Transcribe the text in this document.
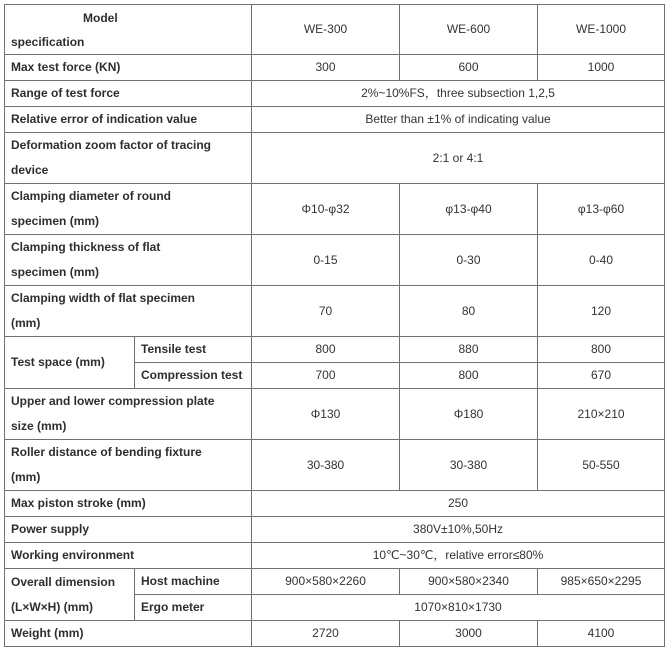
Model
specification		WE-300	WE-600	WE-1000
Max test force (KN)		300	600	1000
Range of test force		2%~10%FS，three subsection 1,2,5		
Relative error of indication value		Better than ±1% of indicating value		

Deformation zoom factor of tracing
device		2:1 or 4:1		

Clamping diameter of round
specimen (mm)		Φ10-φ32	φ13-φ40	φ13-φ60

Clamping thickness of flat
specimen (mm)		0-15	0-30	0-40

Clamping width of flat specimen
(mm)		70	80	120
Test space (mm)	Tensile test	800	880	800
	Compression test	700	800	670

Upper and lower compression plate
size (mm)		Φ130	Φ180	210×210

Roller distance of bending fixture
(mm)		30-380	30-380	50-550
Max piston stroke (mm)		250		
Power supply		380V±10%,50Hz		
Working environment		10℃~30℃，relative error≤80%		

Overall dimension
(L×W×H) (mm)	Host machine	900×580×2260	900×580×2340	985×650×2295
	Ergo meter	1070×810×1730		
Weight (mm)		2720	3000	4100
